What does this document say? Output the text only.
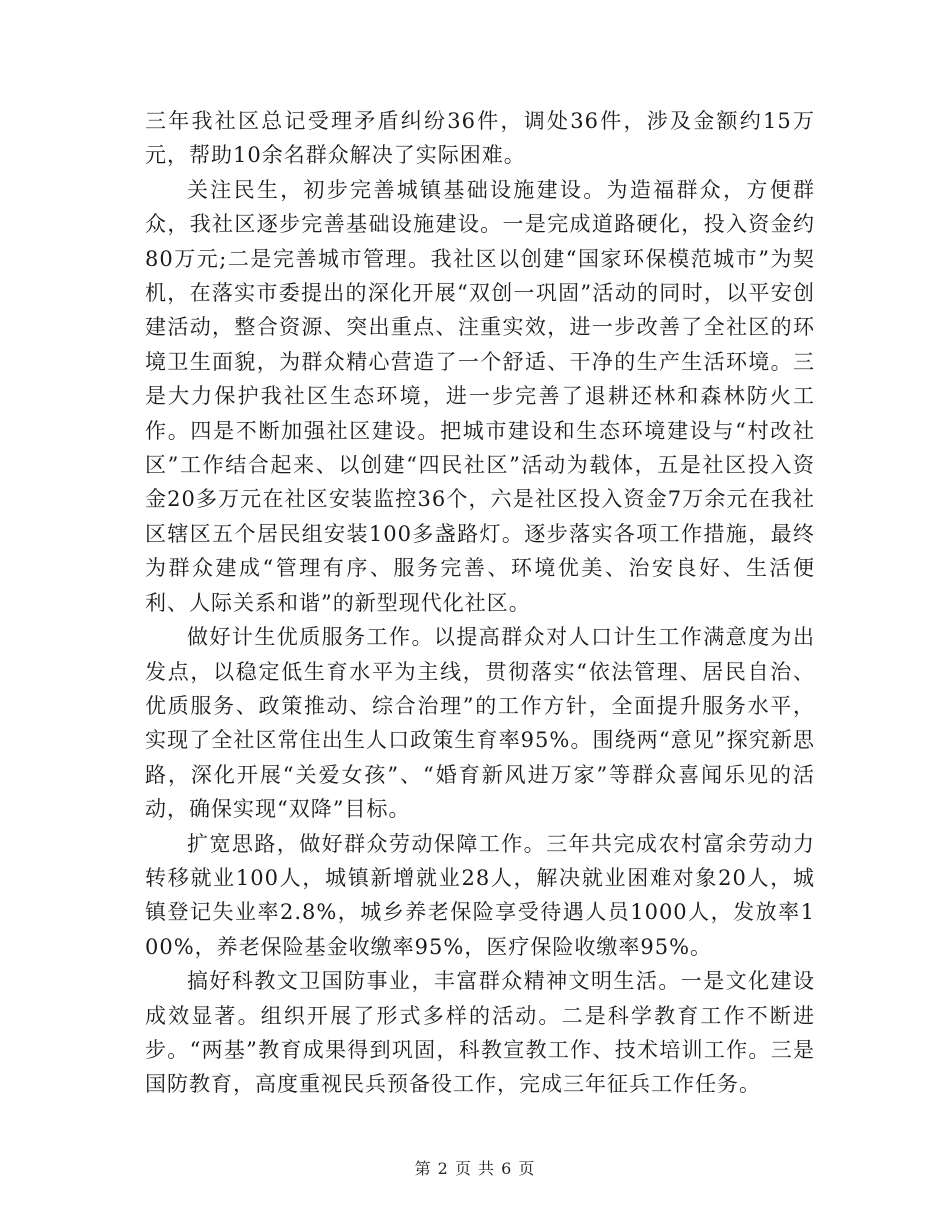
三年我社区总记受理矛盾纠纷36件，调处36件，涉及金额约15万元，帮助10余名群众解决了实际困难。

关注民生，初步完善城镇基础设施建设。为造福群众，方便群众，我社区逐步完善基础设施建设。一是完成道路硬化，投入资金约80万元;二是完善城市管理。我社区以创建“国家环保模范城市”为契机，在落实市委提出的深化开展“双创一巩固”活动的同时，以平安创建活动，整合资源、突出重点、注重实效，进一步改善了全社区的环境卫生面貌，为群众精心营造了一个舒适、干净的生产生活环境。三是大力保护我社区生态环境，进一步完善了退耕还林和森林防火工作。四是不断加强社区建设。把城市建设和生态环境建设与“村改社区”工作结合起来、以创建“四民社区”活动为载体，五是社区投入资金20多万元在社区安装监控36个，六是社区投入资金7万余元在我社区辖区五个居民组安装100多盏路灯。逐步落实各项工作措施，最终为群众建成“管理有序、服务完善、环境优美、治安良好、生活便利、人际关系和谐”的新型现代化社区。

做好计生优质服务工作。以提高群众对人口计生工作满意度为出发点，以稳定低生育水平为主线，贯彻落实“依法管理、居民自治、优质服务、政策推动、综合治理”的工作方针，全面提升服务水平，实现了全社区常住出生人口政策生育率95%。围绕两“意见”探究新思路，深化开展“关爱女孩”、“婚育新风进万家”等群众喜闻乐见的活动，确保实现“双降”目标。

扩宽思路，做好群众劳动保障工作。三年共完成农村富余劳动力转移就业100人，城镇新增就业28人，解决就业困难对象20人，城镇登记失业率2.8%，城乡养老保险享受待遇人员1000人，发放率100%，养老保险基金收缴率95%，医疗保险收缴率95%。

搞好科教文卫国防事业，丰富群众精神文明生活。一是文化建设成效显著。组织开展了形式多样的活动。二是科学教育工作不断进步。“两基”教育成果得到巩固，科教宣教工作、技术培训工作。三是国防教育，高度重视民兵预备役工作，完成三年征兵工作任务。

第 2 页 共 6 页
